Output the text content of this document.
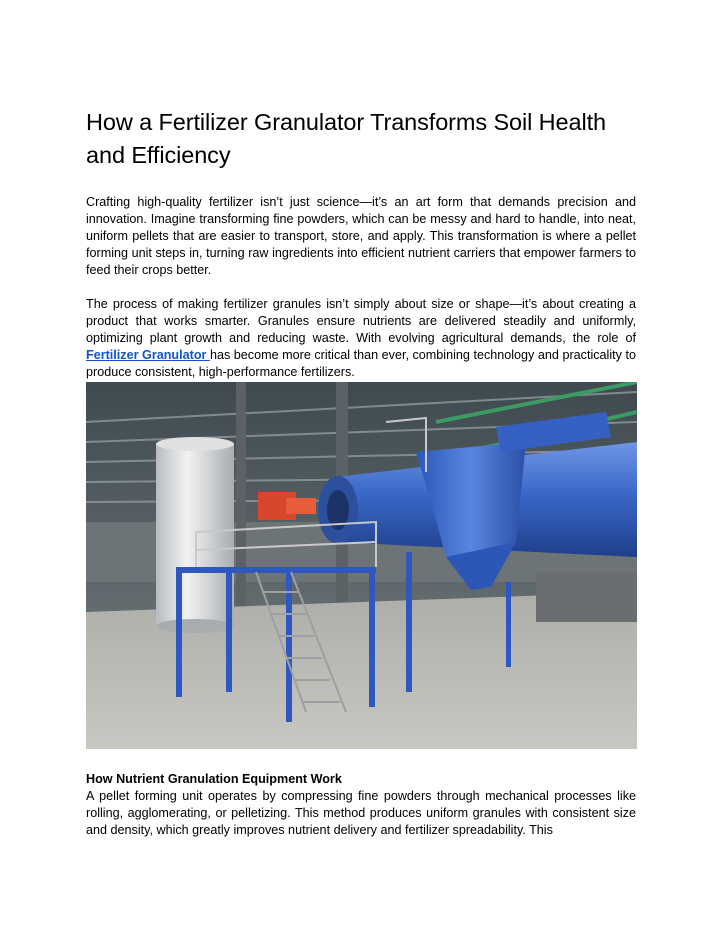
How a Fertilizer Granulator Transforms Soil Health and Efficiency

Crafting high-quality fertilizer isn’t just science—it’s an art form that demands precision and innovation. Imagine transforming fine powders, which can be messy and hard to handle, into neat, uniform pellets that are easier to transport, store, and apply. This transformation is where a pellet forming unit steps in, turning raw ingredients into efficient nutrient carriers that empower farmers to feed their crops better.

The process of making fertilizer granules isn’t simply about size or shape—it’s about creating a product that works smarter. Granules ensure nutrients are delivered steadily and uniformly, optimizing plant growth and reducing waste. With evolving agricultural demands, the role of Fertilizer Granulator has become more critical than ever, combining technology and practicality to produce consistent, high-performance fertilizers.

How Nutrient Granulation Equipment Work

A pellet forming unit operates by compressing fine powders through mechanical processes like rolling, agglomerating, or pelletizing. This method produces uniform granules with consistent size and density, which greatly improves nutrient delivery and fertilizer spreadability. This
